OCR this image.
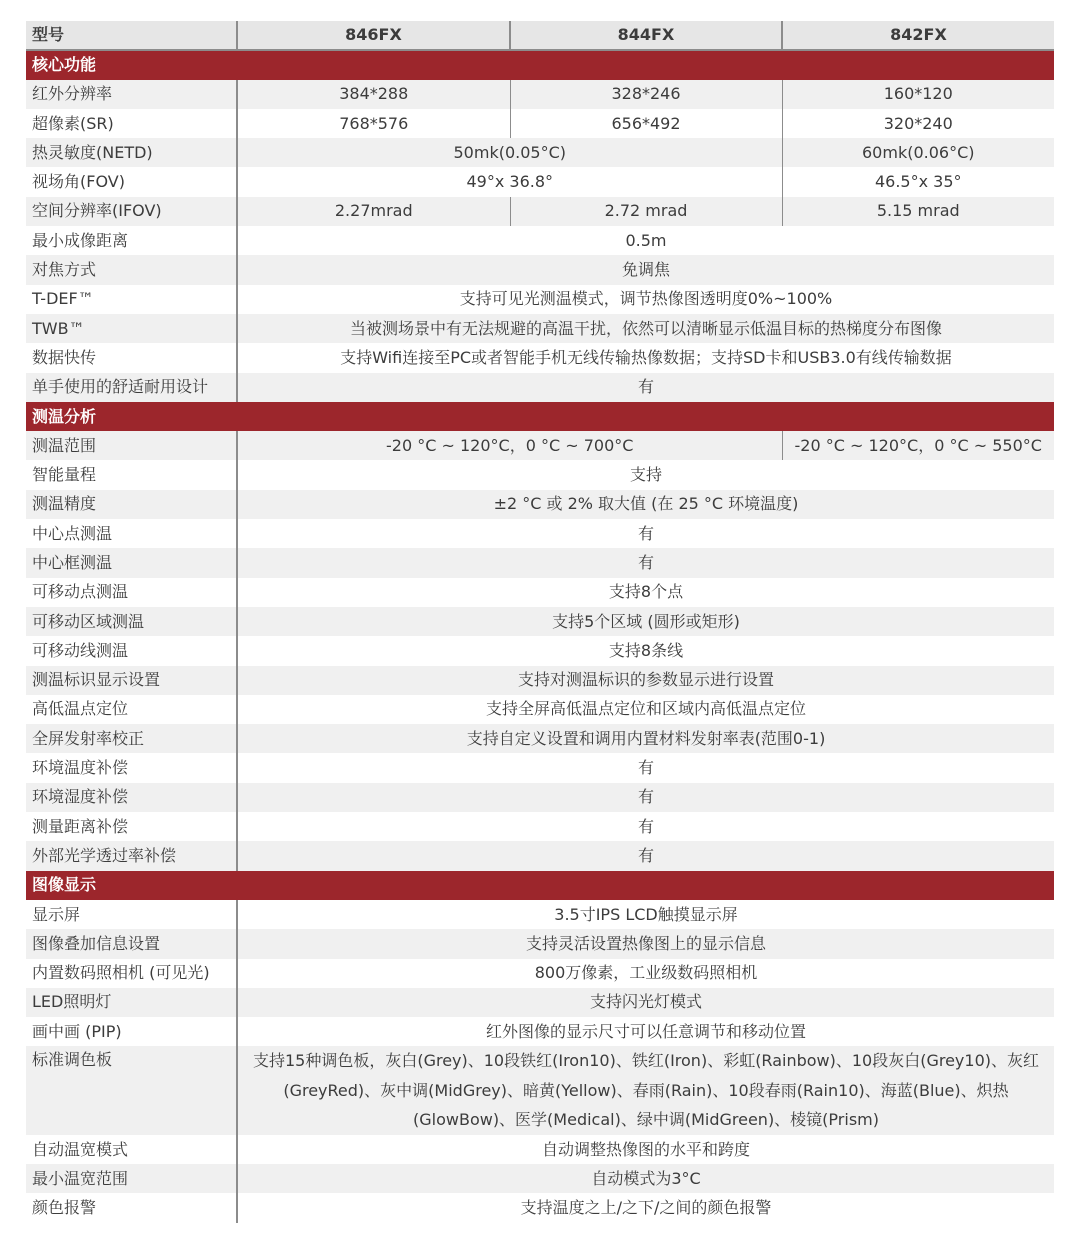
型号	846FX	844FX	842FX
核心功能			
红外分辨率	384*288	328*246	160*120
超像素(SR)	768*576	656*492	320*240
热灵敏度(NETD)	50mk(0.05°C)		60mk(0.06°C)
视场角(FOV)	49°x 36.8°		46.5°x 35°
空间分辨率(IFOV)	2.27mrad	2.72 mrad	5.15 mrad
最小成像距离	0.5m		
对焦方式	免调焦		
T-DEF™	支持可见光测温模式，调节热像图透明度0%~100%		
TWB™	当被测场景中有无法规避的高温干扰，依然可以清晰显示低温目标的热梯度分布图像		
数据快传	支持Wifi连接至PC或者智能手机无线传输热像数据；支持SD卡和USB3.0有线传输数据		
单手使用的舒适耐用设计	有		
测温分析			
测温范围	-20 °C ~ 120°C，0 °C ~ 700°C		-20 °C ~ 120°C，0 °C ~ 550°C
智能量程	支持		
测温精度	±2 °C 或 2% 取大值 (在 25 °C 环境温度)		
中心点测温	有		
中心框测温	有		
可移动点测温	支持8个点		
可移动区域测温	支持5个区域 (圆形或矩形)		
可移动线测温	支持8条线		
测温标识显示设置	支持对测温标识的参数显示进行设置		
高低温点定位	支持全屏高低温点定位和区域内高低温点定位		
全屏发射率校正	支持自定义设置和调用内置材料发射率表(范围0-1)		
环境温度补偿	有		
环境湿度补偿	有		
测量距离补偿	有		
外部光学透过率补偿	有		
图像显示			
显示屏	3.5寸IPS LCD触摸显示屏		
图像叠加信息设置	支持灵活设置热像图上的显示信息		
内置数码照相机 (可见光)	800万像素，工业级数码照相机		
LED照明灯	支持闪光灯模式		
画中画 (PIP)	红外图像的显示尺寸可以任意调节和移动位置		
标准调色板	支持15种调色板，灰白(Grey)、10段铁红(Iron10)、铁红(Iron)、彩虹(Rainbow)、10段灰白(Grey10)、灰红(GreyRed)、灰中调(MidGrey)、暗黄(Yellow)、春雨(Rain)、10段春雨(Rain10)、海蓝(Blue)、炽热(GlowBow)、医学(Medical)、绿中调(MidGreen)、棱镜(Prism)		
自动温宽模式	自动调整热像图的水平和跨度		
最小温宽范围	自动模式为3°C		
颜色报警	支持温度之上/之下/之间的颜色报警		
